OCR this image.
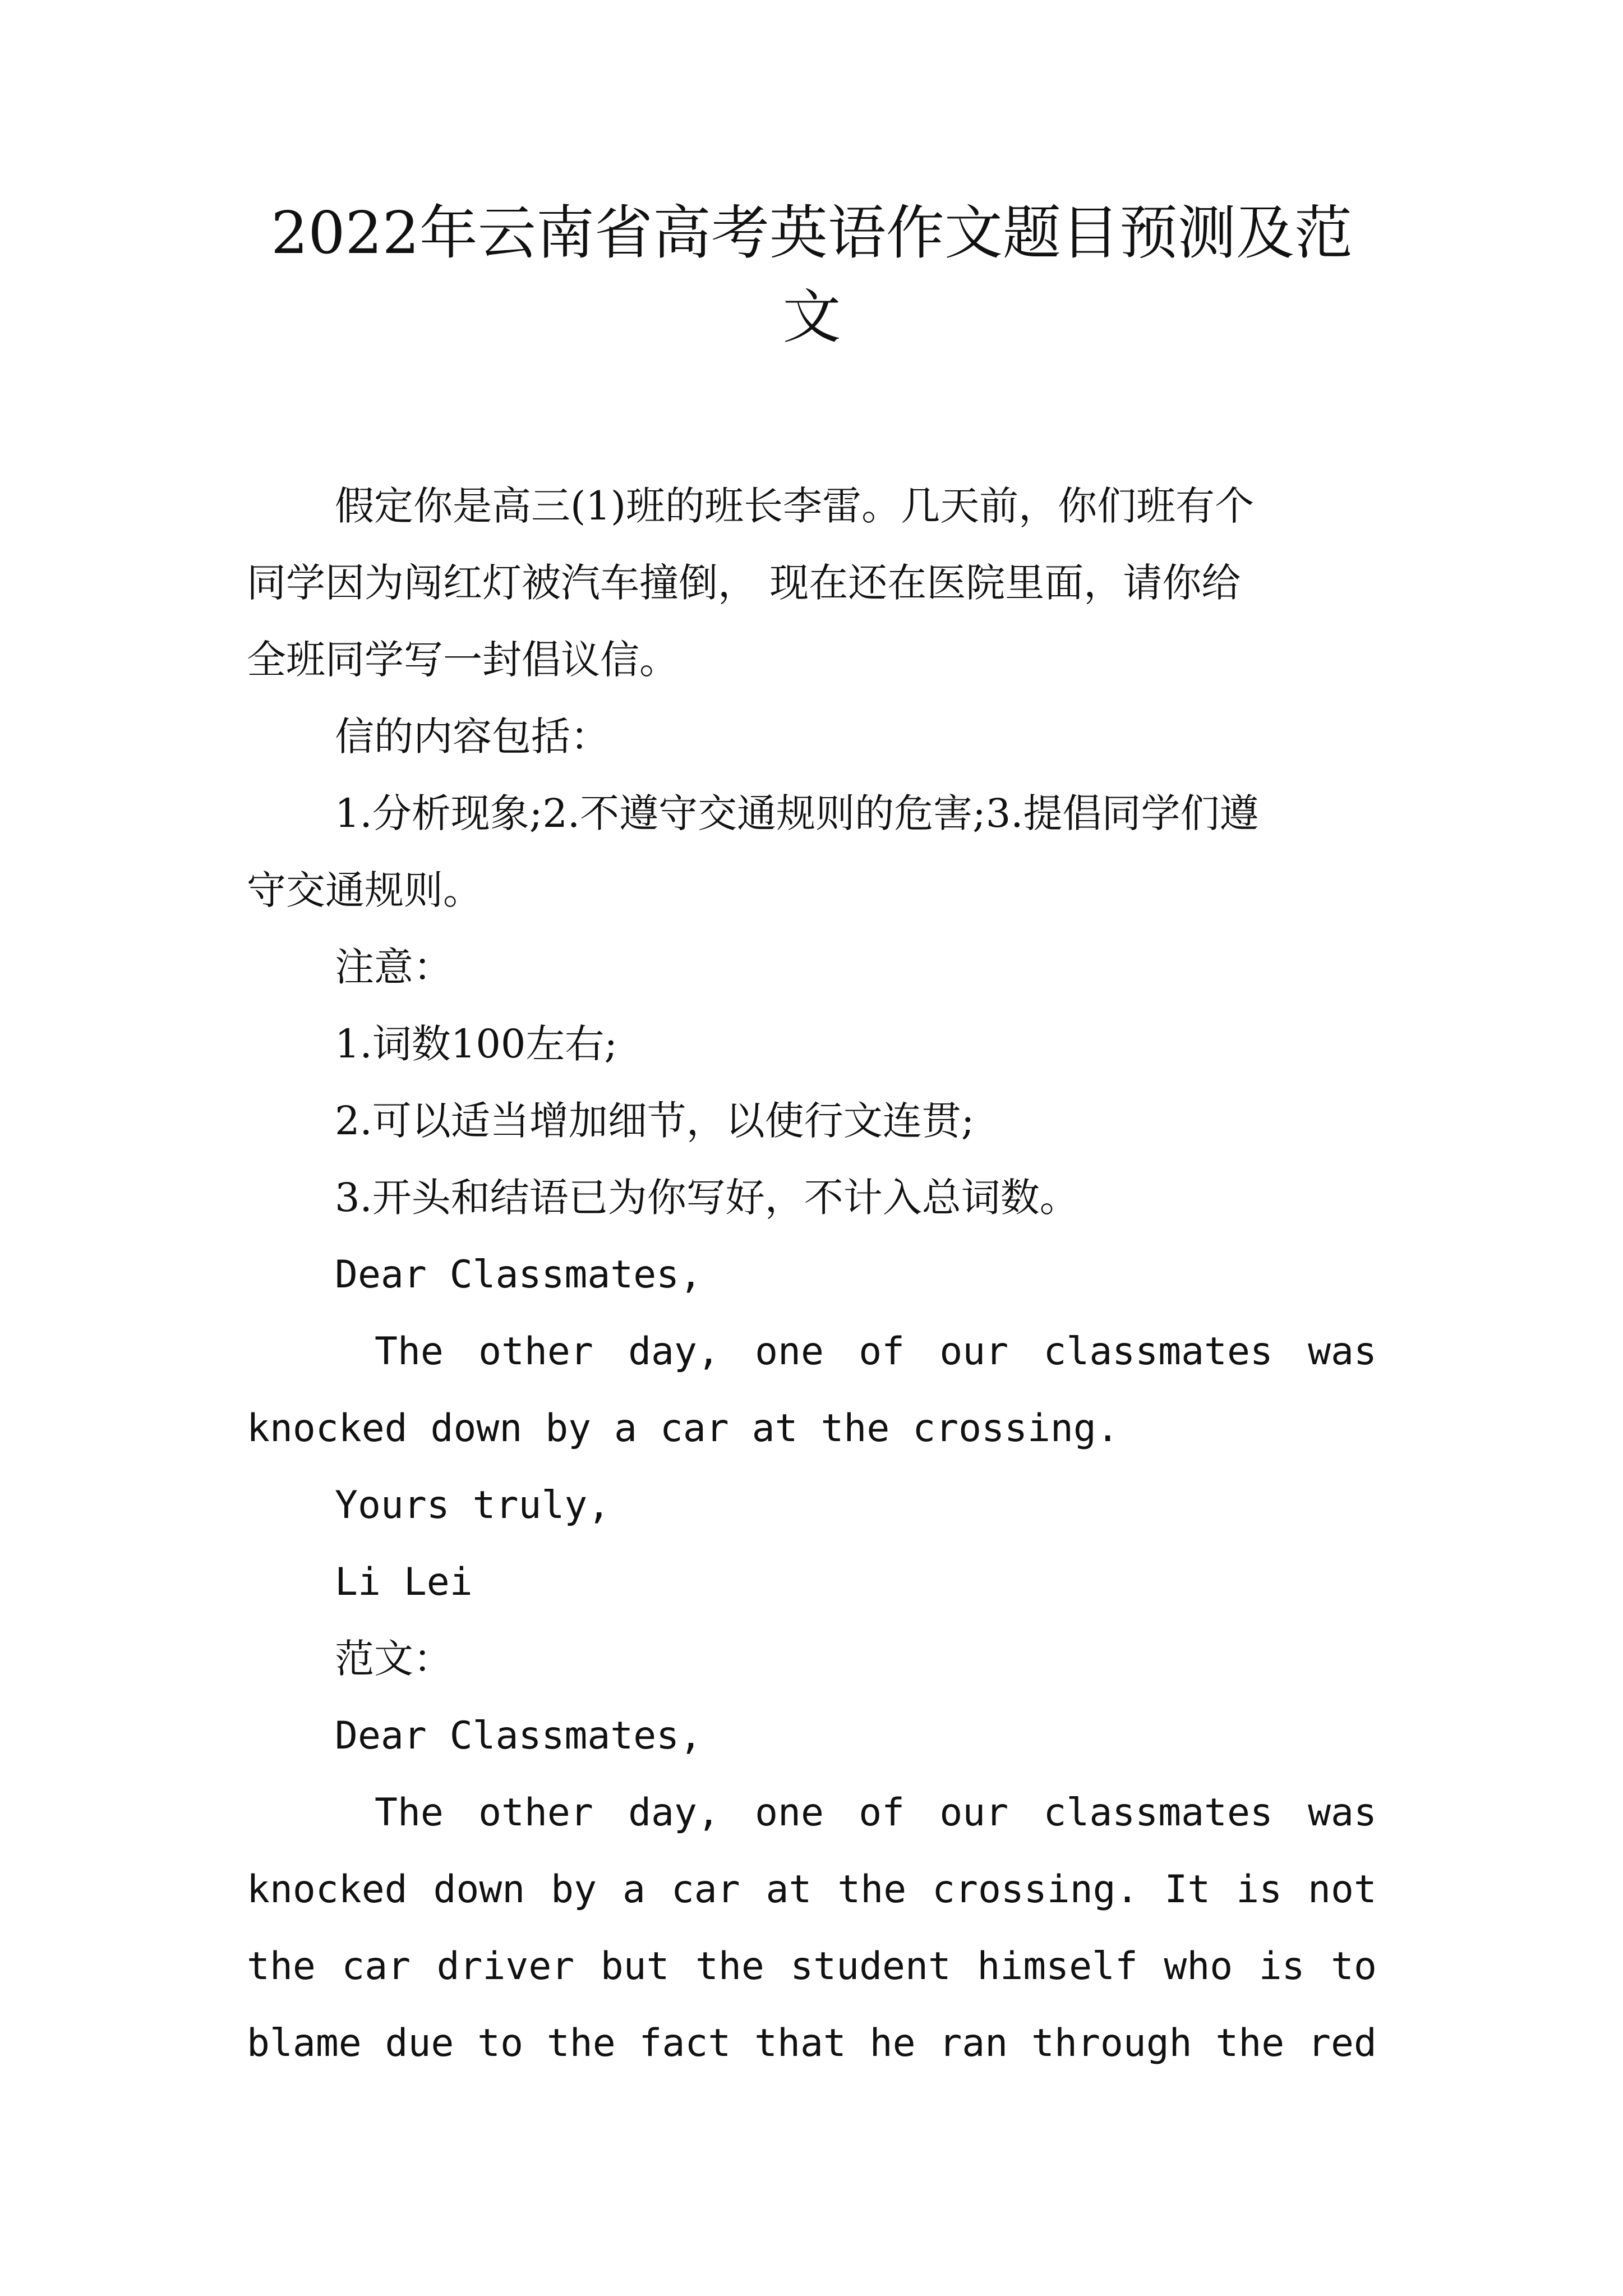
2022年云南省高考英语作文题目预测及范
文
假定你是高三(1)班的班长李雷。几天前，你们班有个
同学因为闯红灯被汽车撞倒， 现在还在医院里面，请你给
全班同学写一封倡议信。
信的内容包括：
1.分析现象;2.不遵守交通规则的危害;3.提倡同学们遵
守交通规则。
注意：
1.词数100左右;
2.可以适当增加细节，以使行文连贯;
3.开头和结语已为你写好，不计入总词数。
Dear Classmates,
The other day, one of our classmates was
knocked down by a car at the crossing.
Yours truly,
Li Lei
范文：
Dear Classmates,
The other day, one of our classmates was
knocked down by a car at the crossing. It is not
the car driver but the student himself who is to
blame due to the fact that he ran through the red
